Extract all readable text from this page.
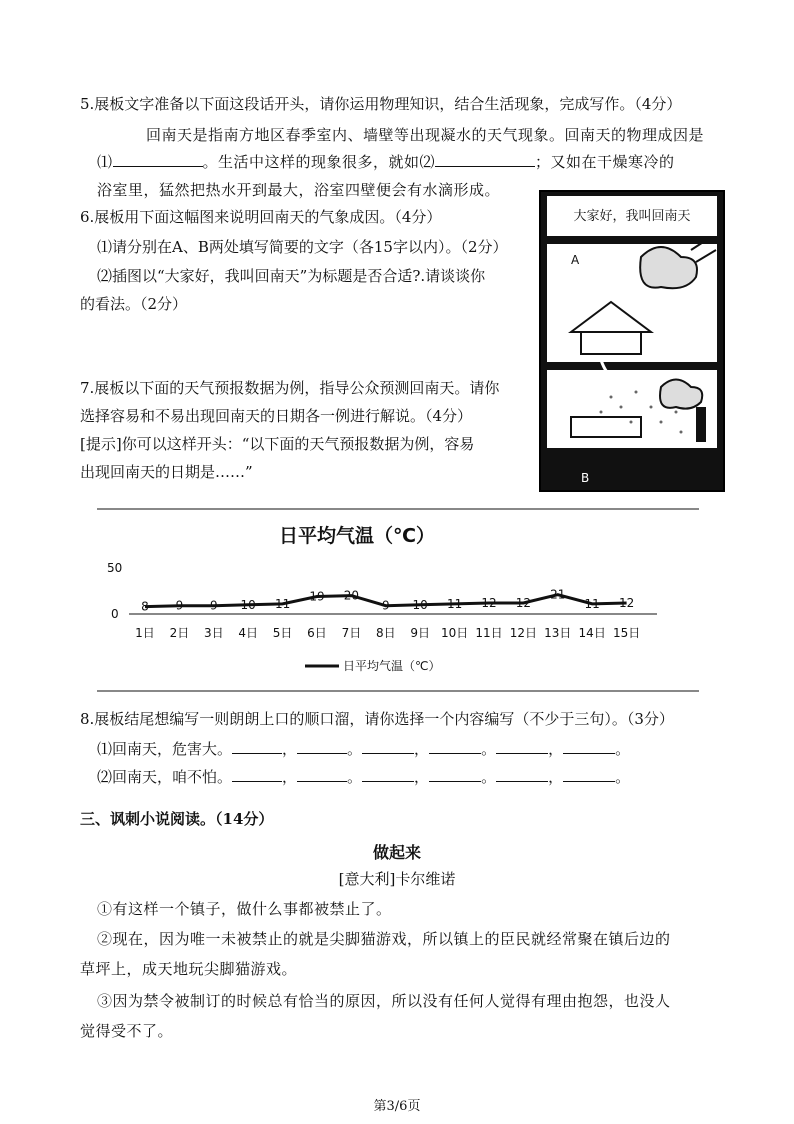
5.展板文字准备以下面这段话开头，请你运用物理知识，结合生活现象，完成写作。（4分）
回南天是指南方地区春季室内、墙壁等出现凝水的天气现象。回南天的物理成因是
⑴	。生活中这样的现象很多，就如⑵	；又如在干燥寒冷的
浴室里，猛然把热水开到最大，浴室四壁便会有水滴形成。
6.展板用下面这幅图来说明回南天的气象成因。（4分）
⑴请分别在A、B两处填写简要的文字（各15字以内）。（2分）
⑵插图以“大家好，我叫回南天”为标题是否合适?.请谈谈你
的看法。（2分）
大家好，我叫回南天
A
B
7.展板以下面的天气预报数据为例，指导公众预测回南天。请你
选择容易和不易出现回南天的日期各一例进行解说。（4分）
[提示]你可以这样开头：“以下面的天气预报数据为例，容易
出现回南天的日期是……”
日平均气温（℃）
50
0
8 9 9 10 11
19 20
9 10 11 12 12
21
11 12
1日 2日 3日 4日 5日 6日 7日 8日 9日 10日 11日 12日 13日 14日 15日
日平均气温（℃）
8.展板结尾想编写一则朗朗上口的顺口溜，请你选择一个内容编写（不少于三句）。（3分）
⑴回南天，危害大。	，	。	，	。	，	。
⑵回南天，咱不怕。	，	。	，	。	，	。
三、讽刺小说阅读。（14分）
做起来
[意大利]卡尔维诺
①有这样一个镇子，做什么事都被禁止了。
②现在，因为唯一未被禁止的就是尖脚猫游戏，所以镇上的臣民就经常聚在镇后边的
草坪上，成天地玩尖脚猫游戏。
③因为禁令被制订的时候总有恰当的原因，所以没有任何人觉得有理由抱怨，也没人
觉得受不了。
第3/6页
